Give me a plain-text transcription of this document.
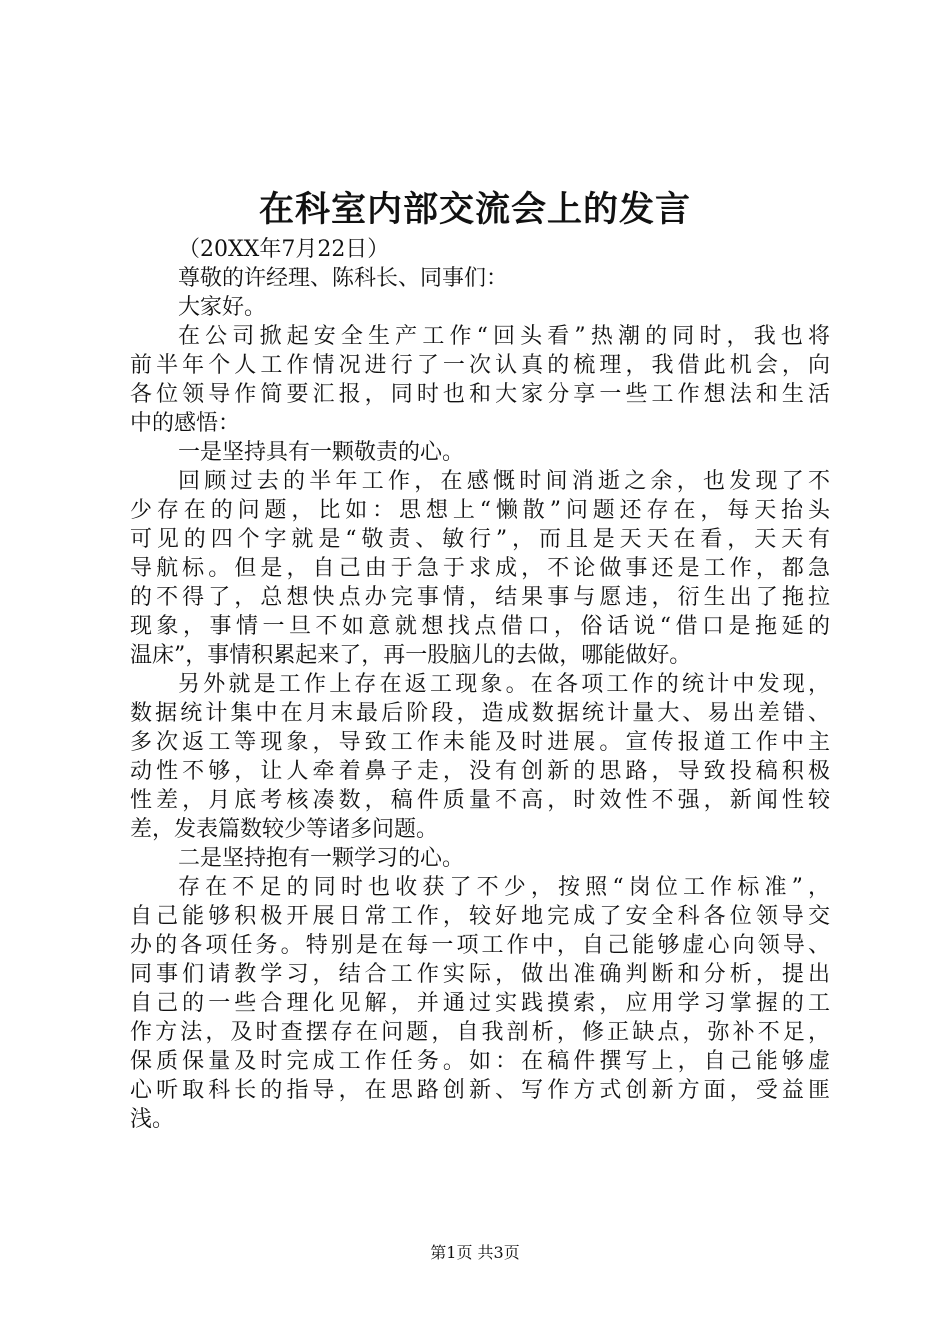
在科室内部交流会上的发言
（20XX年7月22日）
尊敬的许经理、陈科长、同事们：
大家好。
在公司掀起安全生产工作“回头看”热潮的同时，我也将
前半年个人工作情况进行了一次认真的梳理，我借此机会，向
各位领导作简要汇报，同时也和大家分享一些工作想法和生活
中的感悟：
一是坚持具有一颗敬责的心。
回顾过去的半年工作，在感慨时间消逝之余，也发现了不
少存在的问题，比如：思想上“懒散”问题还存在，每天抬头
可见的四个字就是“敬责、敏行”，而且是天天在看，天天有
导航标。但是，自己由于急于求成，不论做事还是工作，都急
的不得了，总想快点办完事情，结果事与愿违，衍生出了拖拉
现象，事情一旦不如意就想找点借口，俗话说“借口是拖延的
温床”，事情积累起来了，再一股脑儿的去做，哪能做好。
另外就是工作上存在返工现象。在各项工作的统计中发现，
数据统计集中在月末最后阶段，造成数据统计量大、易出差错、
多次返工等现象，导致工作未能及时进展。宣传报道工作中主
动性不够，让人牵着鼻子走，没有创新的思路，导致投稿积极
性差，月底考核凑数，稿件质量不高，时效性不强，新闻性较
差，发表篇数较少等诸多问题。
二是坚持抱有一颗学习的心。
存在不足的同时也收获了不少，按照“岗位工作标准”，
自己能够积极开展日常工作，较好地完成了安全科各位领导交
办的各项任务。特别是在每一项工作中，自己能够虚心向领导、
同事们请教学习，结合工作实际，做出准确判断和分析，提出
自己的一些合理化见解，并通过实践摸索，应用学习掌握的工
作方法，及时查摆存在问题，自我剖析，修正缺点，弥补不足，
保质保量及时完成工作任务。如：在稿件撰写上，自己能够虚
心听取科长的指导，在思路创新、写作方式创新方面，受益匪
浅。
第1页 共3页
